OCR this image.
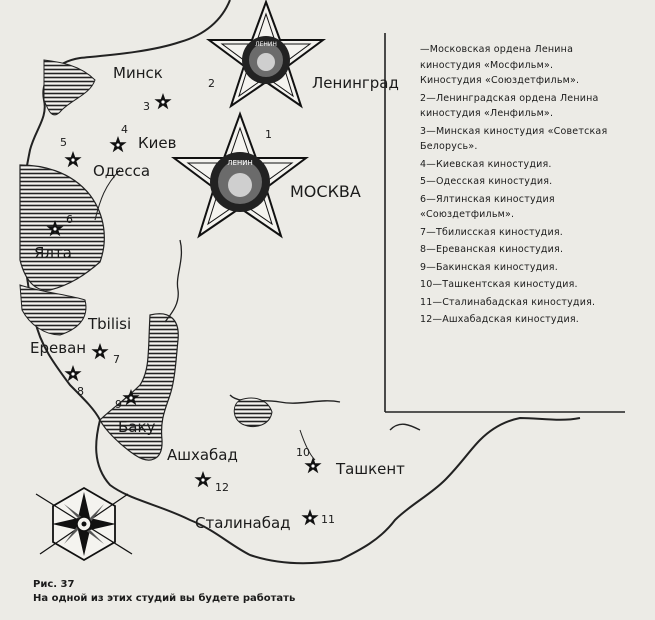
ЛЕНИН
ЛЕНИН
Минск
Ленинград
Киев
Одесса
МОСКВА
Ялта
Tbilisi
Ереван
Баку
Ашхабад
Ташкент
Сталинабад
1
2
3
4
5
6
7
8
9
10
11
12
—Московская ордена Ленина киностудия «Мосфильм». Киностудия «Союздетфильм».
2—Ленинградская ордена Ленина киностудия «Ленфильм».
3—Минская киностудия «Советская Белорусь».
4—Киевская киностудия.
5—Одесская киностудия.
6—Ялтинская киностудия «Союздетфильм».
7—Тбилисская киностудия.
8—Ереванская киностудия.
9—Бакинская киностудия.
10—Ташкентская киностудия.
11—Сталинабадская киностудия.
12—Ашхабадская киностудия.
Рис. 37
На одной из этих студий вы будете работать
